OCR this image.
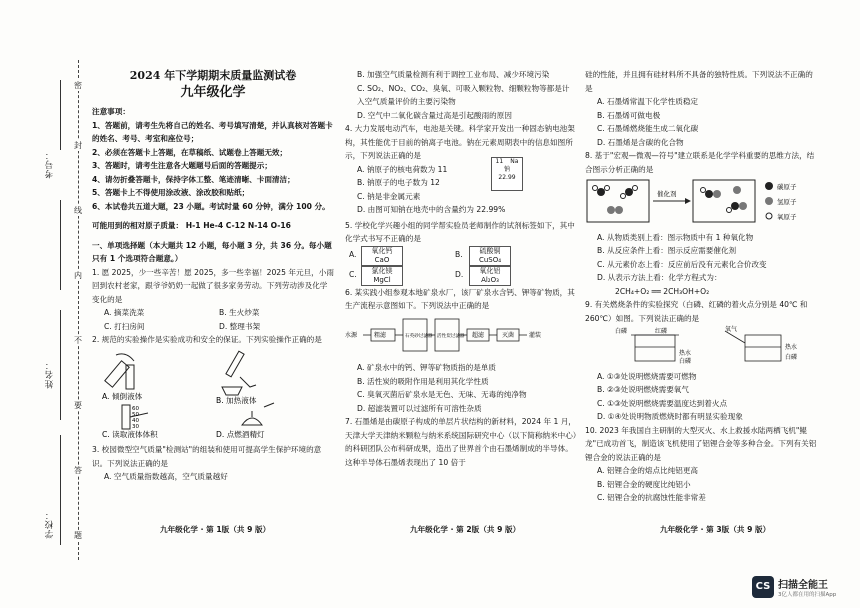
密
封
线
内
不
要
答
题
考号：
姓名：
学校：

2024 年下学期期末质量监测试卷

九年级化学

注意事项：

1、答题前，请考生先将自己的姓名、考号填写清楚，并认真核对答题卡的姓名、考号、考室和座位号；

2、必须在答题卡上答题，在草稿纸、试题卷上答题无效；

3、答题时，请考生注意各大题题号后面的答题提示；

4、请勿折叠答题卡，保持字体工整、笔迹清晰、卡面清洁；

5、答题卡上不得使用涂改液、涂改胶和贴纸；

6、本试卷共五道大题，23 小题。考试时量 60 分钟，满分 100 分。

可能用到的相对原子质量： H-1 He-4 C-12 N-14 O-16

一、单项选择题（本大题共 12 小题，每小题 3 分，共 36 分。每小题只有 1 个选项符合题意。）

1. 愿 2025，少一些辛苦！愿 2025，多一些幸福！2025 年元旦，小雨回到农村老家，跟爷爷奶奶一起做了很多家务劳动。下列劳动涉及化学变化的是

A. 摘菜洗菜	B. 生火炒菜
C. 打扫房间	D. 整理书架

2. 规范的实验操作是实验成功和安全的保证。下列实验操作正确的是

A. 倾倒液体	B. 加热液体
60
50
40
30
C. 读取液体体积	D. 点燃酒精灯

3. 校园微型空气质量"检测站"的组装和使用可提高学生保护环境的意识。下列说法正确的是

A. 空气质量指数越高，空气质量越好

B. 加强空气质量检测有利于调控工业布局、减少环境污染

C. SO₂、NO₂、CO₂、臭氧、可吸入颗粒物、细颗粒物等都是计入空气质量评价的主要污染物

D. 空气中二氧化碳含量过高是引起酸雨的原因

4. 大力发展电动汽车，电池是关键。科学家开发出一种固态钠电池架构，其性能优于目前的钠离子电池。钠在元素周期表中的信息如图所示，下列说法正确的是

A. 钠原子的核电荷数为 11

B. 钠原子的电子数为 12

C. 钠是非金属元素

D. 由图可知钠在地壳中的含量约为 22.99%

11 Na
钠
22.99

5. 学校化学兴趣小组的同学帮实验员老师制作的试剂标签如下，其中化学式书写不正确的是

A.	氧化钙
CaO
B.	硫酸铜
CuSO₄
C.	氯化镁
MgCl
D.	氧化铝
Al₂O₃

6. 某实践小组参观本地矿泉水厂，该厂矿泉水含钙、钾等矿物质，其生产流程示意图如下。下列说法中正确的是

水源	粗滤	石英砂过滤器 活性炭过滤器 超滤	灭菌 灌装

A. 矿泉水中的钙、钾等矿物质指的是单质

B. 活性炭的吸附作用是利用其化学性质

C. 臭氧灭菌后矿泉水是无色、无味、无毒的纯净物

D. 超滤装置可以过滤所有可溶性杂质

7. 石墨烯是由碳原子构成的单层片状结构的新材料，2024 年 1 月，天津大学天津纳米颗粒与纳米系统国际研究中心（以下简称纳米中心）的科研团队公布科研成果，造出了世界首个由石墨烯制成的半导体。这种半导体石墨烯表现出了 10 倍于

硅的性能，并且拥有硅材料所不具备的独特性质。下列说法不正确的是

A. 石墨烯常温下化学性质稳定

B. 石墨烯可做电极

C. 石墨烯燃烧能生成二氧化碳

D. 石墨烯是含碳的化合物

8. 基于"宏观—微观—符号"建立联系是化学学科重要的思维方法，结合图示分析正确的是

催化剂
碳原子
氢原子
氧原子

A. 从物质类别上看：图示物质中有 1 种氧化物

B. 从反应条件上看：图示反应需要催化剂

C. 从元素价态上看：反应前后没有元素化合价改变

D. 从表示方法上看：化学方程式为：

2CH₄+O₂ ══ 2CH₃OH+O₂

9. 有关燃烧条件的实验探究（白磷、红磷的着火点分别是 40℃ 和 260℃）如图。下列说法正确的是

白磷	红磷
热水
白磷
氧气
热水
白磷

A. ①③处说明燃烧需要可燃物

B. ②③处说明燃烧需要氧气

C. ①③处说明燃烧需要温度达到着火点

D. ①④处说明物质燃烧时都有明显实验现象

10. 2023 年我国自主研制的大型灭火、水上救援水陆两栖飞机"鲲龙"已成功首飞，制造该飞机使用了铝锂合金等多种合金。下列有关铝锂合金的说法正确的是

A. 铝锂合金的熔点比纯铝更高

B. 铝锂合金的硬度比纯铝小

C. 铝锂合金的抗腐蚀性能非常差

九年级化学 · 第 1版（共 9 版）	九年级化学 · 第 2版（共 9 版）	九年级化学 · 第 3版（共 9 版）
CS 扫描全能王
3亿人都在用的扫描App
